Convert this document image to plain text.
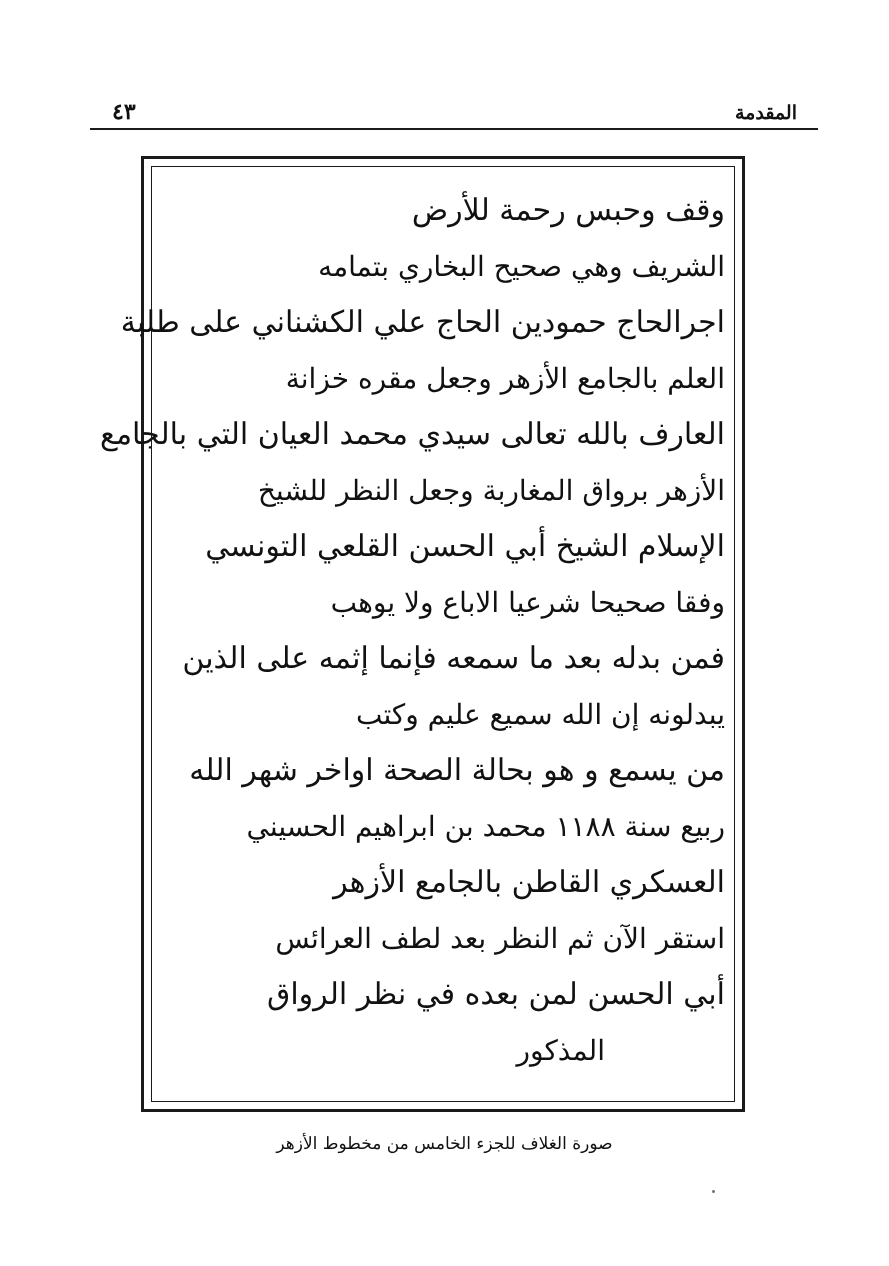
٤٣	المقدمة
وقف وحبس رحمة للأرض
الشريف وهي صحيح البخاري بتمامه
اجرالحاج حمودين الحاج علي الكشناني على طلبة
العلم بالجامع الأزهر وجعل مقره خزانة
العارف بالله تعالى سيدي محمد العيان التي بالجامع
الأزهر برواق المغاربة وجعل النظر للشيخ
الإسلام الشيخ أبي الحسن القلعي التونسي
وفقا صحيحا شرعيا الاباع ولا يوهب
فمن بدله بعد ما سمعه فإنما إثمه على الذين
يبدلونه إن الله سميع عليم وكتب
من يسمع و هو بحالة الصحة اواخر شهر الله
ربيع سنة ١١٨٨ محمد بن ابراهيم الحسيني
العسكري القاطن بالجامع الأزهر
استقر الآن ثم النظر بعد لطف العرائس
أبي الحسن لمن بعده في نظر الرواق
المذكور
صورة الغلاف للجزء الخامس من مخطوط الأزهر
